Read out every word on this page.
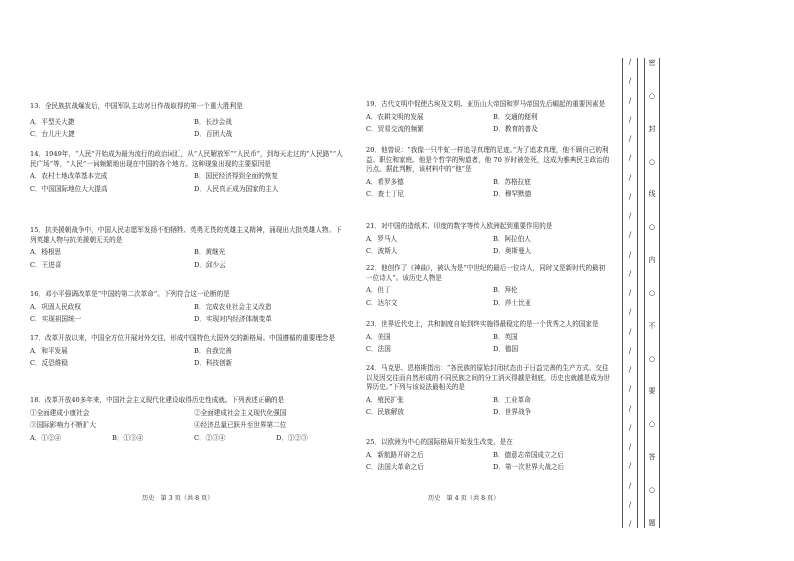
13．全民族抗战爆发后，中国军队主动对日作战取得的第一个重大胜利是
A．平型关大捷	B．长沙会战
C．台儿庄大捷	D．百团大战
14．1949年，“人民”开始成为最为流行的政治词汇，从“人民解放军”“人民币”，到每天走过的“人民路”“人民广场”等，“人民”一词频繁地出现在中国的各个地方。这种现象出现的主要原因是
A．农村土地改革基本完成	B．国民经济得到全面的恢复
C．中国国际地位大大提高	D．人民真正成为国家的主人
15．抗美援朝战争中，中国人民志愿军发扬不怕牺牲、英勇无畏的英雄主义精神，涌现出大批英雄人物。下列英雄人物与抗美援朝无关的是
A．杨根思	B．黄继光
C．王进喜	D．邱少云
16．邓小平强调改革是“中国的第二次革命”。下列符合这一论断的是
A．巩固人民政权	B．完成农业社会主义改造
C．实现祖国统一	D．实现对内经济体制变革
17．改革开放以来，中国全方位开展对外交往，形成中国特色大国外交的新格局。中国遵循的重要理念是
A．和平发展	B．自我完善
C．反恐维稳	D．科技创新
18．改革开放40多年来，中国社会主义现代化建设取得历史性成就。下列表述正确的是
①全面建成小康社会	②全面建成社会主义现代化强国
③国际影响力不断扩大	④经济总量已跃升至世界第二位
A．①②④	B．①③④	C．②③④	D．①②③
历史　第 3 页（共 8 页）
19．古代文明中促使古埃及文明、亚历山大帝国和罗马帝国先后崛起的重要因素是
A．农耕文明的发展	B．交通的便利
C．贸易交流的频繁	D．教育的普及
20．他曾说：“我像一只牛虻一样追寻真理的足迹。”为了追求真理，他不顾自己的利益、职位和家庭。他是个哲学的殉道者，他 70 岁时被处死，这成为雅典民主政治的污点。据此判断，该材料中的“他”是
A．希罗多德	B．苏格拉底
C．查士丁尼	D．穆罕默德
21．对中国的造纸术、印度的数字等传入欧洲起到重要作用的是
A．罗马人	B．阿拉伯人
C．波斯人	D．奥斯曼人
22．他创作了《神曲》，被认为是“中世纪的最后一位诗人，同时又是新时代的最初一位诗人”。该历史人物是
A．但丁	B．拜伦
C．达尔文	D．莎士比亚
23．世界近代史上，共和制度自始到终实施得最稳定的是一个优秀之人的国家是
A．美国	B．英国
C．法国	D．德国
24．马克思、恩格斯指出：“各民族的原始封闭状态由于日益完善的生产方式、交往以及因交往而自然形成的不同民族之间的分工消灭得越是彻底，历史也就越是成为世界历史。”下列与该说法最相关的是
A．殖民扩张	B．工业革命
C．民族解放	D．世界战争
25．以欧洲为中心的国际格局开始发生改变，是在
A．新航路开辟之后	B．德意志帝国成立之后
C．法国大革命之后	D．第一次世界大战之后
历史　第 4 页（共 8 页）
/
/
/
/
/
/
/
/
/
/
/
/
/
/
/
/
/
/
/
/
/
/
/
/
/
密
○
封
○
线
○
内
○
不
○
要
○
答
○
题
